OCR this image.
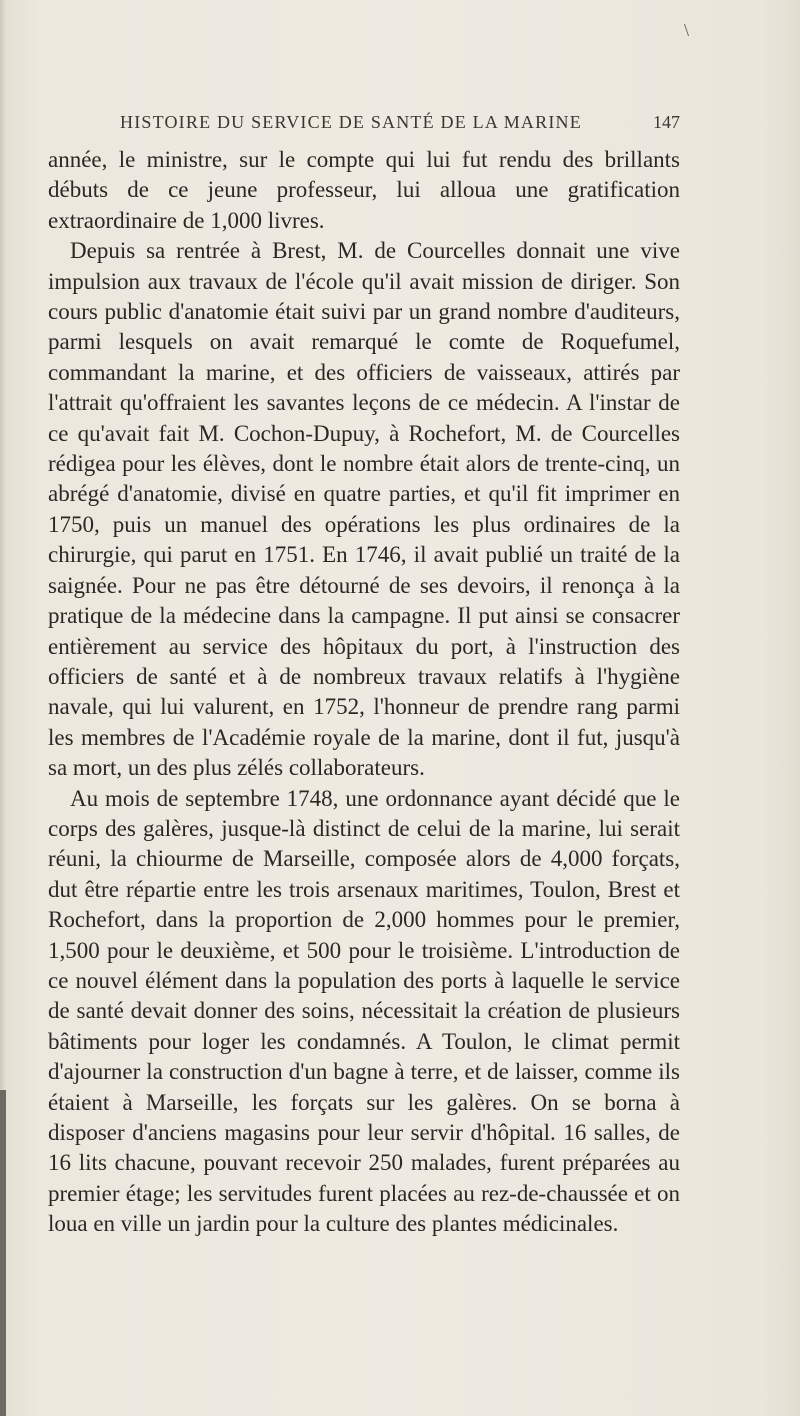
\
HISTOIRE DU SERVICE DE SANTÉ DE LA MARINE	147

année, le ministre, sur le compte qui lui fut rendu des brillants débuts de ce jeune professeur, lui alloua une gratification extraordinaire de 1,000 livres.

Depuis sa rentrée à Brest, M. de Courcelles donnait une vive impulsion aux travaux de l'école qu'il avait mission de diriger. Son cours public d'anatomie était suivi par un grand nombre d'auditeurs, parmi lesquels on avait remarqué le comte de Roquefumel, commandant la marine, et des officiers de vaisseaux, attirés par l'attrait qu'offraient les savantes leçons de ce médecin. A l'instar de ce qu'avait fait M. Cochon-Dupuy, à Rochefort, M. de Courcelles rédigea pour les élèves, dont le nombre était alors de trente-cinq, un abrégé d'anatomie, divisé en quatre parties, et qu'il fit imprimer en 1750, puis un manuel des opérations les plus ordinaires de la chirurgie, qui parut en 1751. En 1746, il avait publié un traité de la saignée. Pour ne pas être détourné de ses devoirs, il renonça à la pratique de la médecine dans la campagne. Il put ainsi se consacrer entièrement au service des hôpitaux du port, à l'instruction des officiers de santé et à de nombreux travaux relatifs à l'hygiène navale, qui lui valurent, en 1752, l'honneur de prendre rang parmi les membres de l'Académie royale de la marine, dont il fut, jusqu'à sa mort, un des plus zélés collaborateurs.

Au mois de septembre 1748, une ordonnance ayant décidé que le corps des galères, jusque-là distinct de celui de la marine, lui serait réuni, la chiourme de Marseille, composée alors de 4,000 forçats, dut être répartie entre les trois arsenaux maritimes, Toulon, Brest et Rochefort, dans la proportion de 2,000 hommes pour le premier, 1,500 pour le deuxième, et 500 pour le troisième. L'introduction de ce nouvel élément dans la population des ports à laquelle le service de santé devait donner des soins, nécessitait la création de plusieurs bâtiments pour loger les condamnés. A Toulon, le climat permit d'ajourner la construction d'un bagne à terre, et de laisser, comme ils étaient à Marseille, les forçats sur les galères. On se borna à disposer d'anciens magasins pour leur servir d'hôpital. 16 salles, de 16 lits chacune, pouvant recevoir 250 malades, furent préparées au premier étage; les servitudes furent placées au rez-de-chaussée et on loua en ville un jardin pour la culture des plantes médicinales.
